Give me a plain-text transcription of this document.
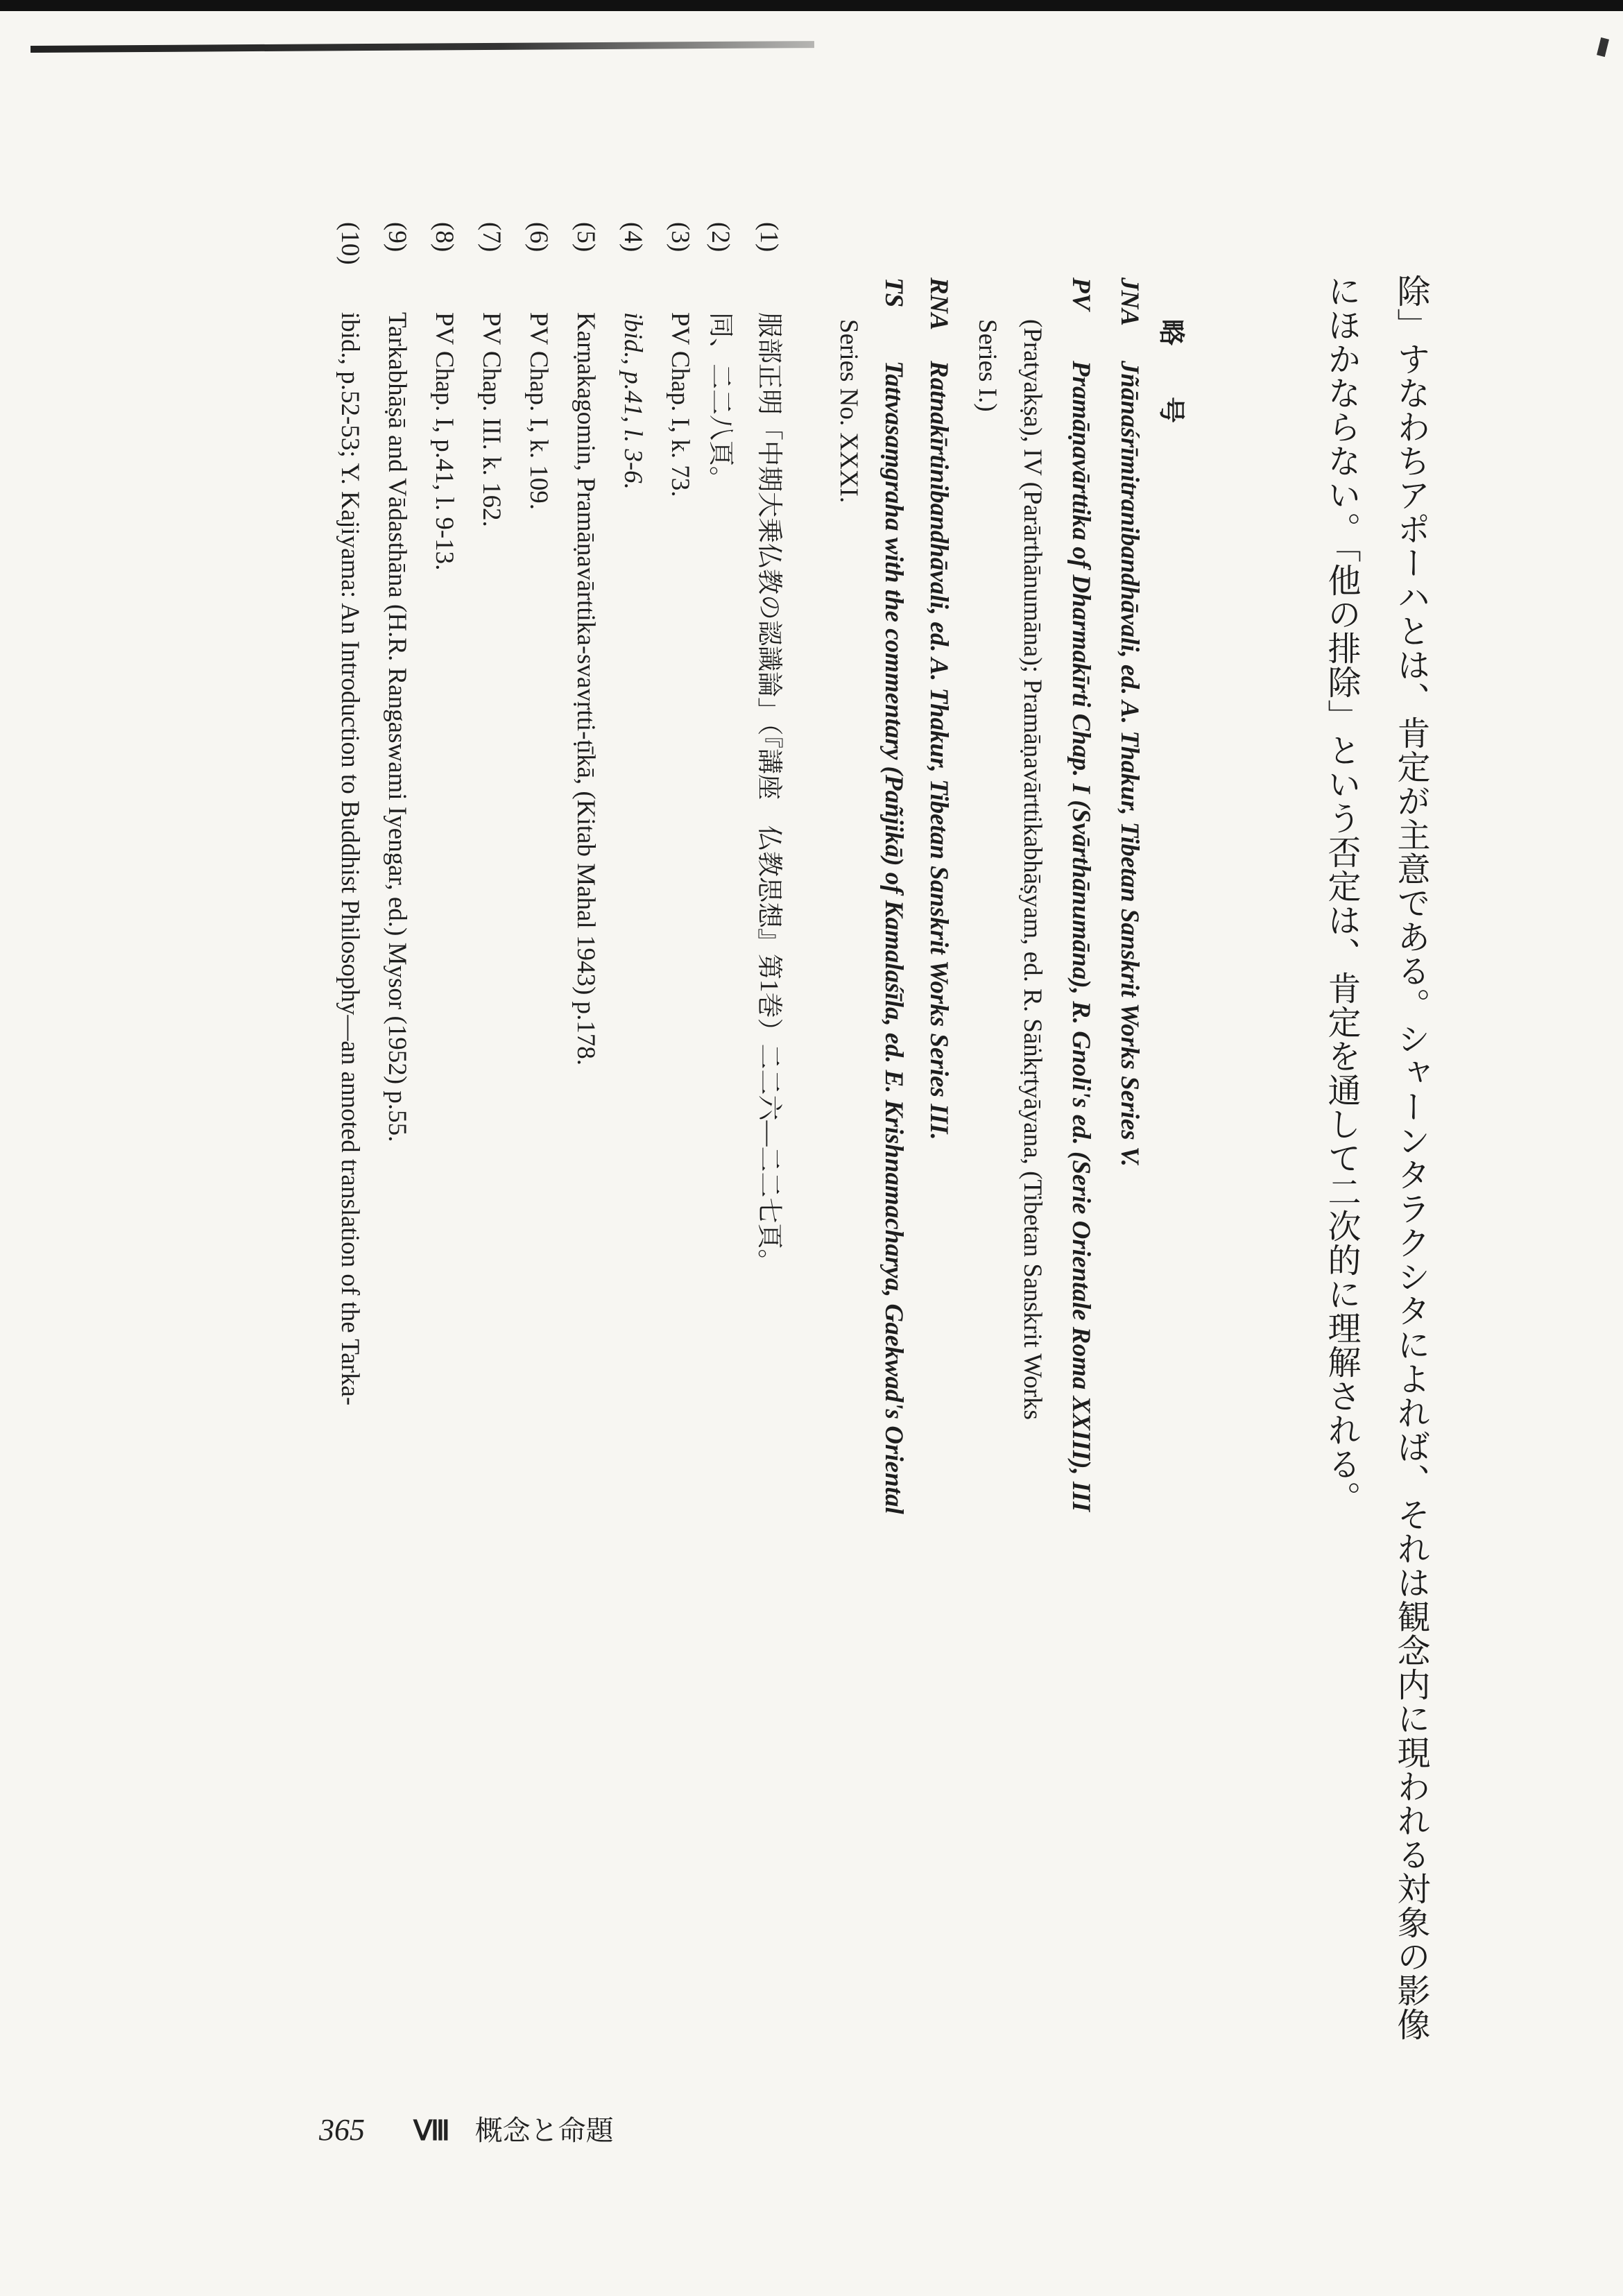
除」すなわちアポーハとは、肯定が主意である。シャーンタラクシタによれば、それは観念内に現われる対象の影像
にほかならない。「他の排除」という否定は、肯定を通して二次的に理解される。
略　号
JNAJñānaśrīmitranibandhāvali, ed. A. Thakur, Tibetan Sanskrit Works Series V.
PVPramāṇavārttika of Dharmakīrti Chap. I (Svārthānumāna), R. Gnoli's ed. (Serie Orientale Roma XXIII), III
(Pratyakṣa), IV (Parārthānumāna); Pramāṇavārttikabhāṣyam, ed. R. Sāṅkṛtyāyana, (Tibetan Sanskrit Works
Series I.)
RNARatnakīrtinibandhāvali, ed. A. Thakur, Tibetan Sanskrit Works Series III.
TSTattvasaṃgraha with the commentary (Pañjikā) of Kamalaśīla, ed. E. Krishnamacharya, Gaekwad's Oriental
Series No. XXXI.
(1)服部正明「中期大乗仏教の認識論」（『講座　仏教思想』第1巻）二二六—二二七頁。
(2)同、二二八頁。
(3)PV Chap. I, k. 73.
(4)ibid., p.41, l. 3-6.
(5)Karṇakagomin, Pramāṇavārttika-svavṛtti-ṭīkā, (Kitab Mahal 1943) p.178.
(6)PV Chap. I, k. 109.
(7)PV Chap. III. k. 162.
(8)PV Chap. I, p.41, l. 9-13.
(9)Tarkabhāṣā and Vādasthāna (H.R. Rangaswami Iyengar, ed.) Mysor (1952) p.55.
(10)ibid., p.52-53; Y. Kajiyama: An Introduction to Buddhist Philosophy—an annoted translation of the Tarka-
365 Ⅷ 概念と命題
